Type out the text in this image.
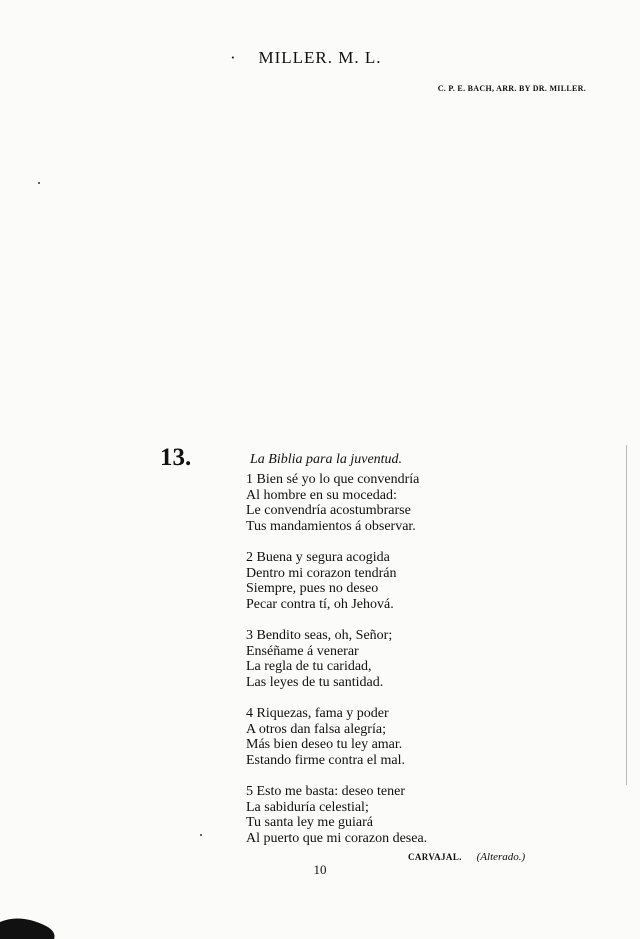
· MILLER. M. L.
C. P. E. BACH, ARR. BY DR. MILLER.
13.	La Biblia para la juventud.
1 Bien sé yo lo que convendría
Al hombre en su mocedad:
Le convendría acostumbrarse
Tus mandamientos á observar.
2 Buena y segura acogida
Dentro mi corazon tendrán
Siempre, pues no deseo
Pecar contra tí, oh Jehová.
3 Bendito seas, oh, Señor;
Enséñame á venerar
La regla de tu caridad,
Las leyes de tu santidad.
4 Riquezas, fama y poder
A otros dan falsa alegría;
Más bien deseo tu ley amar.
Estando firme contra el mal.
5 Esto me basta: deseo tener
La sabiduría celestial;
Tu santa ley me guiará
Al puerto que mi corazon desea.
CARVAJAL. (Alterado.)
10
